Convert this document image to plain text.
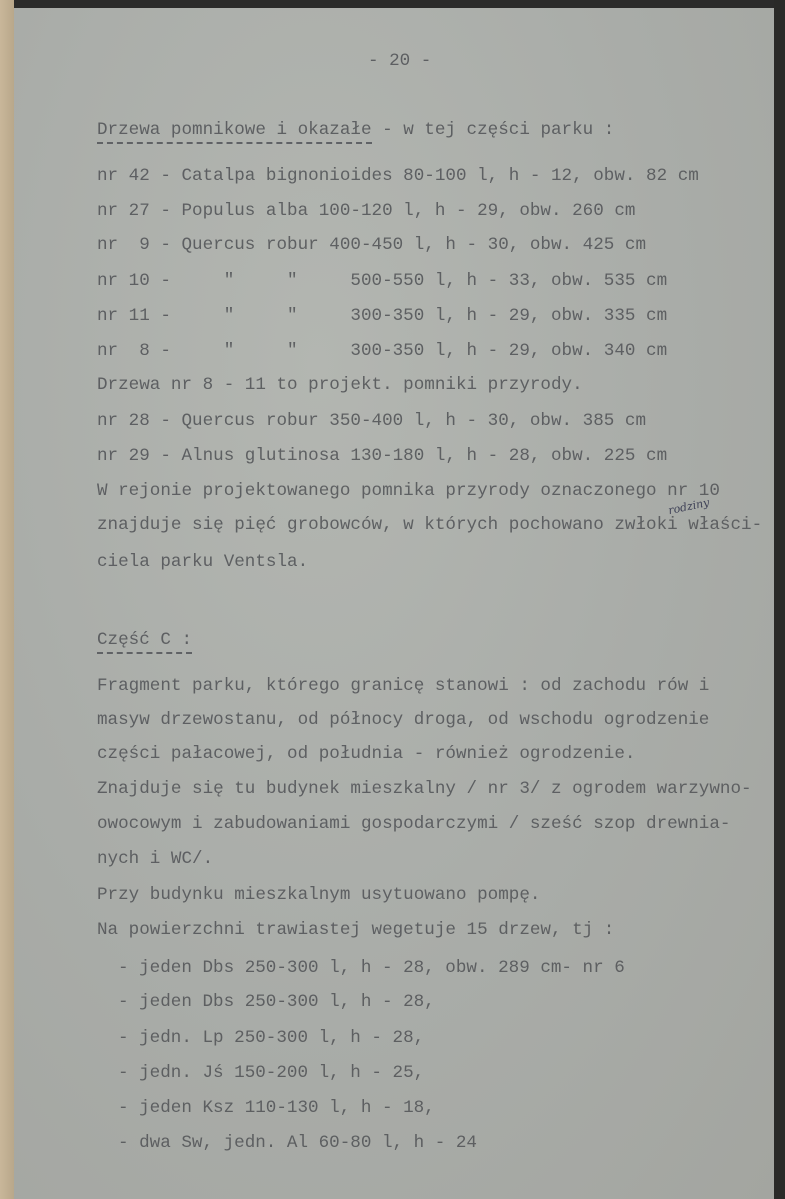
- 20 -
Drzewa pomnikowe i okazałe - w tej części parku :
nr 42 - Catalpa bignonioides 80-100 l, h - 12, obw. 82 cm
nr 27 - Populus alba 100-120 l, h - 29, obw. 260 cm
nr  9 - Quercus robur 400-450 l, h - 30, obw. 425 cm
nr 10 -     "     "     500-550 l, h - 33, obw. 535 cm
nr 11 -     "     "     300-350 l, h - 29, obw. 335 cm
nr  8 -     "     "     300-350 l, h - 29, obw. 340 cm
Drzewa nr 8 - 11 to projekt. pomniki przyrody.
nr 28 - Quercus robur 350-400 l, h - 30, obw. 385 cm
nr 29 - Alnus glutinosa 130-180 l, h - 28, obw. 225 cm
W rejonie projektowanego pomnika przyrody oznaczonego nr 10
znajduje się pięć grobowców, w których pochowano zwłoki właści-
ciela parku Ventsla.
rodziny
Część C :
Fragment parku, którego granicę stanowi : od zachodu rów i
masyw drzewostanu, od północy droga, od wschodu ogrodzenie
części pałacowej, od południa - również ogrodzenie.
Znajduje się tu budynek mieszkalny / nr 3/ z ogrodem warzywno-
owocowym i zabudowaniami gospodarczymi / sześć szop drewnia-
nych i WC/.
Przy budynku mieszkalnym usytuowano pompę.
Na powierzchni trawiastej wegetuje 15 drzew, tj :
- jeden Dbs 250-300 l, h - 28, obw. 289 cm- nr 6
- jeden Dbs 250-300 l, h - 28,
- jedn. Lp 250-300 l, h - 28,
- jedn. Jś 150-200 l, h - 25,
- jeden Ksz 110-130 l, h - 18,
- dwa Sw, jedn. Al 60-80 l, h - 24
